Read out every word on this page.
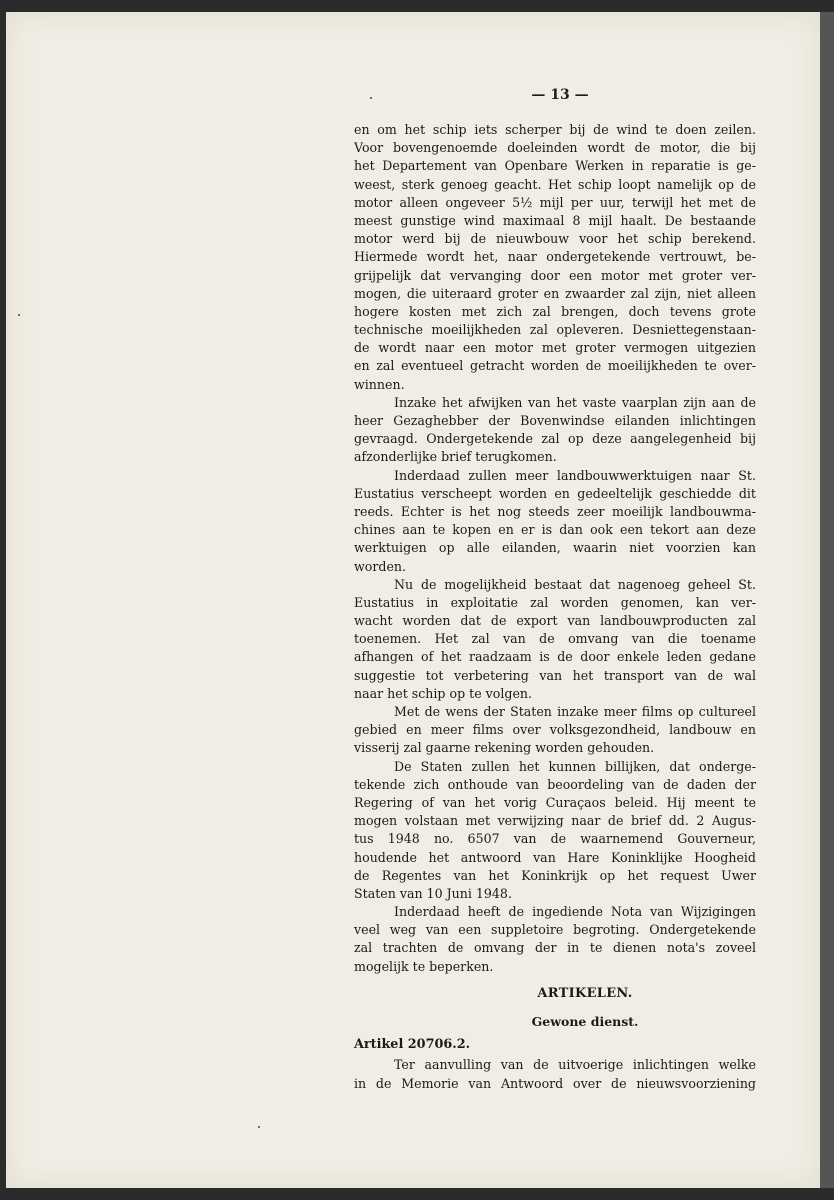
— 13 —
en om het schip iets scherper bij de wind te doen zeilen.
Voor bovengenoemde doeleinden wordt de motor, die bij
het Departement van Openbare Werken in reparatie is ge-
weest, sterk genoeg geacht. Het schip loopt namelijk op de
motor alleen ongeveer 5½ mijl per uur, terwijl het met de
meest gunstige wind maximaal 8 mijl haalt. De bestaande
motor werd bij de nieuwbouw voor het schip berekend.
Hiermede wordt het, naar ondergetekende vertrouwt, be-
grijpelijk dat vervanging door een motor met groter ver-
mogen, die uiteraard groter en zwaarder zal zijn, niet alleen
hogere kosten met zich zal brengen, doch tevens grote
technische moeilijkheden zal opleveren. Desniettegenstaan-
de wordt naar een motor met groter vermogen uitgezien
en zal eventueel getracht worden de moeilijkheden te over-
winnen.
Inzake het afwijken van het vaste vaarplan zijn aan de
heer Gezaghebber der Bovenwindse eilanden inlichtingen
gevraagd. Ondergetekende zal op deze aangelegenheid bij
afzonderlijke brief terugkomen.
Inderdaad zullen meer landbouwwerktuigen naar St.
Eustatius verscheept worden en gedeeltelijk geschiedde dit
reeds. Echter is het nog steeds zeer moeilijk landbouwma-
chines aan te kopen en er is dan ook een tekort aan deze
werktuigen op alle eilanden, waarin niet voorzien kan
worden.
Nu de mogelijkheid bestaat dat nagenoeg geheel St.
Eustatius in exploitatie zal worden genomen, kan ver-
wacht worden dat de export van landbouwproducten zal
toenemen. Het zal van de omvang van die toename
afhangen of het raadzaam is de door enkele leden gedane
suggestie tot verbetering van het transport van de wal
naar het schip op te volgen.
Met de wens der Staten inzake meer films op cultureel
gebied en meer films over volksgezondheid, landbouw en
visserij zal gaarne rekening worden gehouden.
De Staten zullen het kunnen billijken, dat onderge-
tekende zich onthoude van beoordeling van de daden der
Regering of van het vorig Curaçaos beleid. Hij meent te
mogen volstaan met verwijzing naar de brief dd. 2 Augus-
tus 1948 no. 6507 van de waarnemend Gouverneur,
houdende het antwoord van Hare Koninklijke Hoogheid
de Regentes van het Koninkrijk op het request Uwer
Staten van 10 Juni 1948.
Inderdaad heeft de ingediende Nota van Wijzigingen
veel weg van een suppletoire begroting. Ondergetekende
zal trachten de omvang der in te dienen nota's zoveel
mogelijk te beperken.
ARTIKELEN.
Gewone dienst.
Artikel 20706.2.
Ter aanvulling van de uitvoerige inlichtingen welke
in de Memorie van Antwoord over de nieuwsvoorziening
